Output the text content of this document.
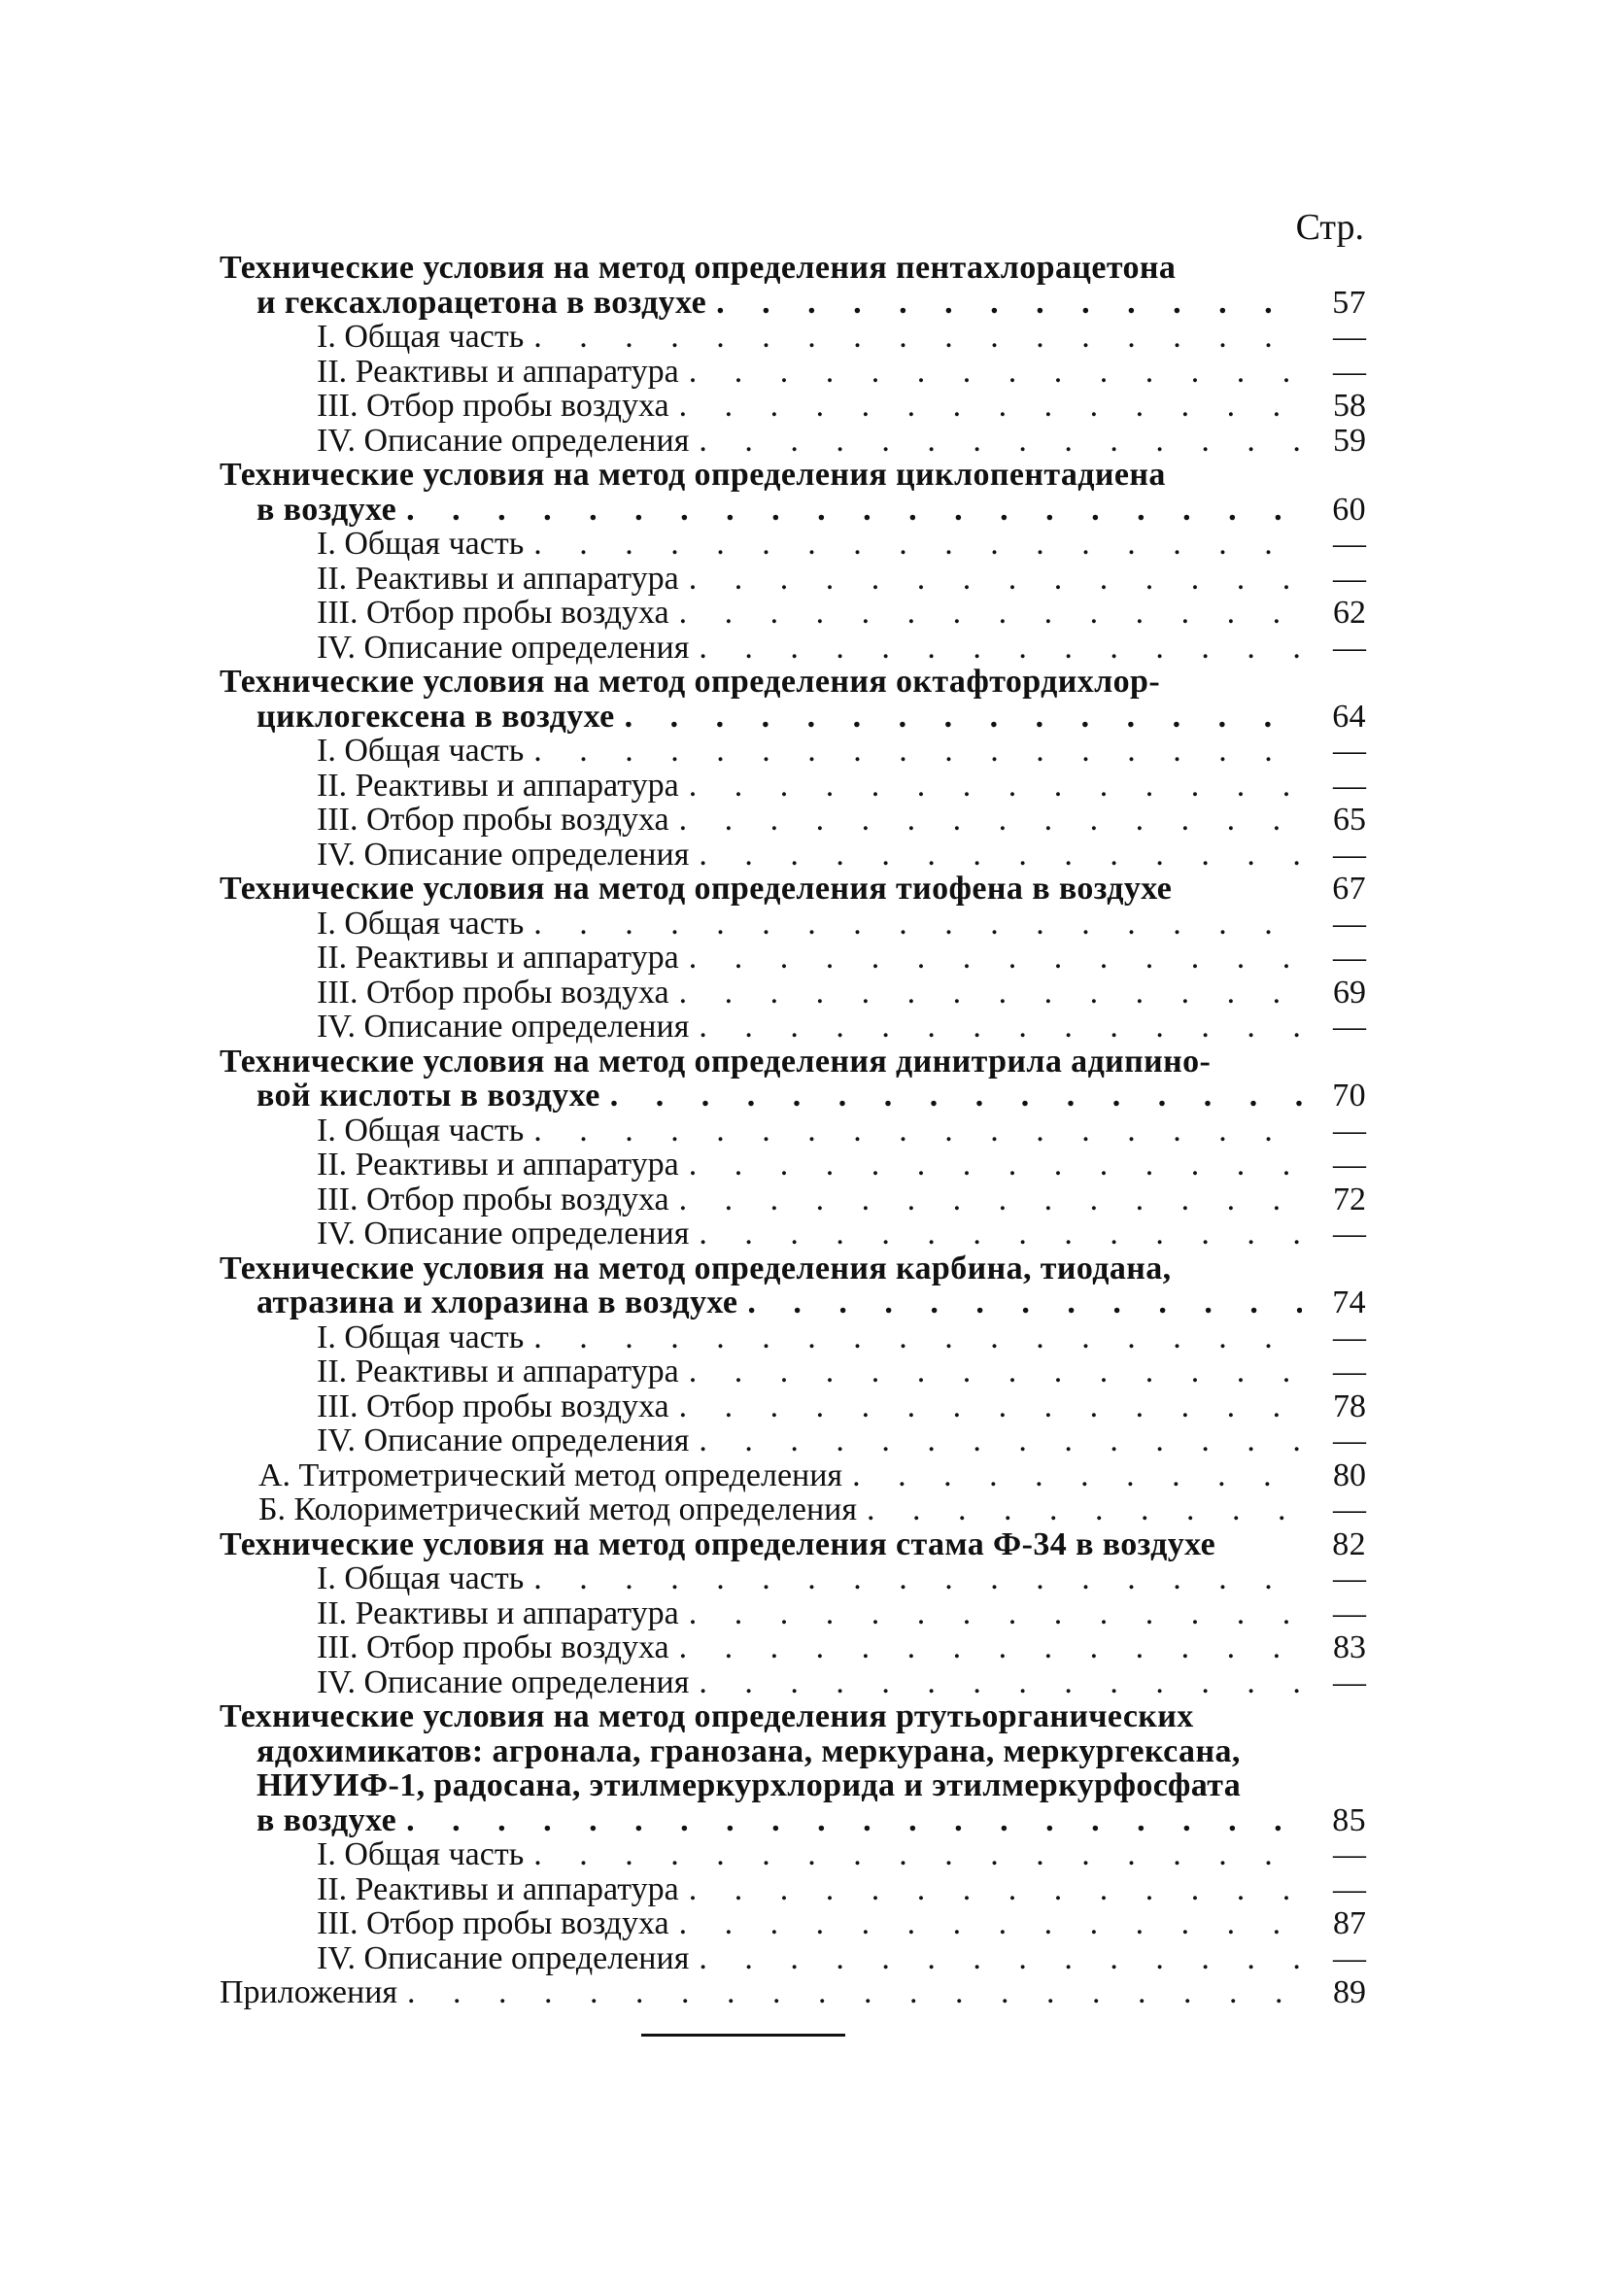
Стр.
Технические условия на метод определения пентахлорацетона
и гексахлорацетона в воздухе . . .	57
I. Общая часть . . .	—
II. Реактивы и аппаратура . . .	—
III. Отбор пробы воздуха . . .	58
IV. Описание определения . . .	59
Технические условия на метод определения циклопентадиена
в воздухе . . .	60
I. Общая часть . . .	—
II. Реактивы и аппаратура . . .	—
III. Отбор пробы воздуха . . .	62
IV. Описание определения . . .	—
Технические условия на метод определения октафтордихлор-
циклогексена в воздухе . . .	64
I. Общая часть . . .	—
II. Реактивы и аппаратура . . .	—
III. Отбор пробы воздуха . . .	65
IV. Описание определения . . .	—
Технические условия на метод определения тиофена в воздухе	67
I. Общая часть . . .	—
II. Реактивы и аппаратура . . .	—
III. Отбор пробы воздуха . . .	69
IV. Описание определения . . .	—
Технические условия на метод определения динитрила адипино-
вой кислоты в воздухе . . .	70
I. Общая часть . . .	—
II. Реактивы и аппаратура . . .	—
III. Отбор пробы воздуха . . .	72
IV. Описание определения . . .	—
Технические условия на метод определения карбина, тиодана,
атразина и хлоразина в воздухе . . .	74
I. Общая часть . . .	—
II. Реактивы и аппаратура . . .	—
III. Отбор пробы воздуха . . .	78
IV. Описание определения . . .	—
А. Титрометрический метод определения . . .	80
Б. Колориметрический метод определения . . .	—
Технические условия на метод определения стама Ф-34 в воздухе	82
I. Общая часть . . .	—
II. Реактивы и аппаратура . . .	—
III. Отбор пробы воздуха . . .	83
IV. Описание определения . . .	—
Технические условия на метод определения ртутьорганических
ядохимикатов: агронала, гранозана, меркурана, меркургексана,
НИУИФ-1, радосана, этилмеркурхлорида и этилмеркурфосфата
в воздухе . . .	85
I. Общая часть . . .	—
II. Реактивы и аппаратура . . .	—
III. Отбор пробы воздуха . . .	87
IV. Описание определения . . .	—
Приложения . . .	89
